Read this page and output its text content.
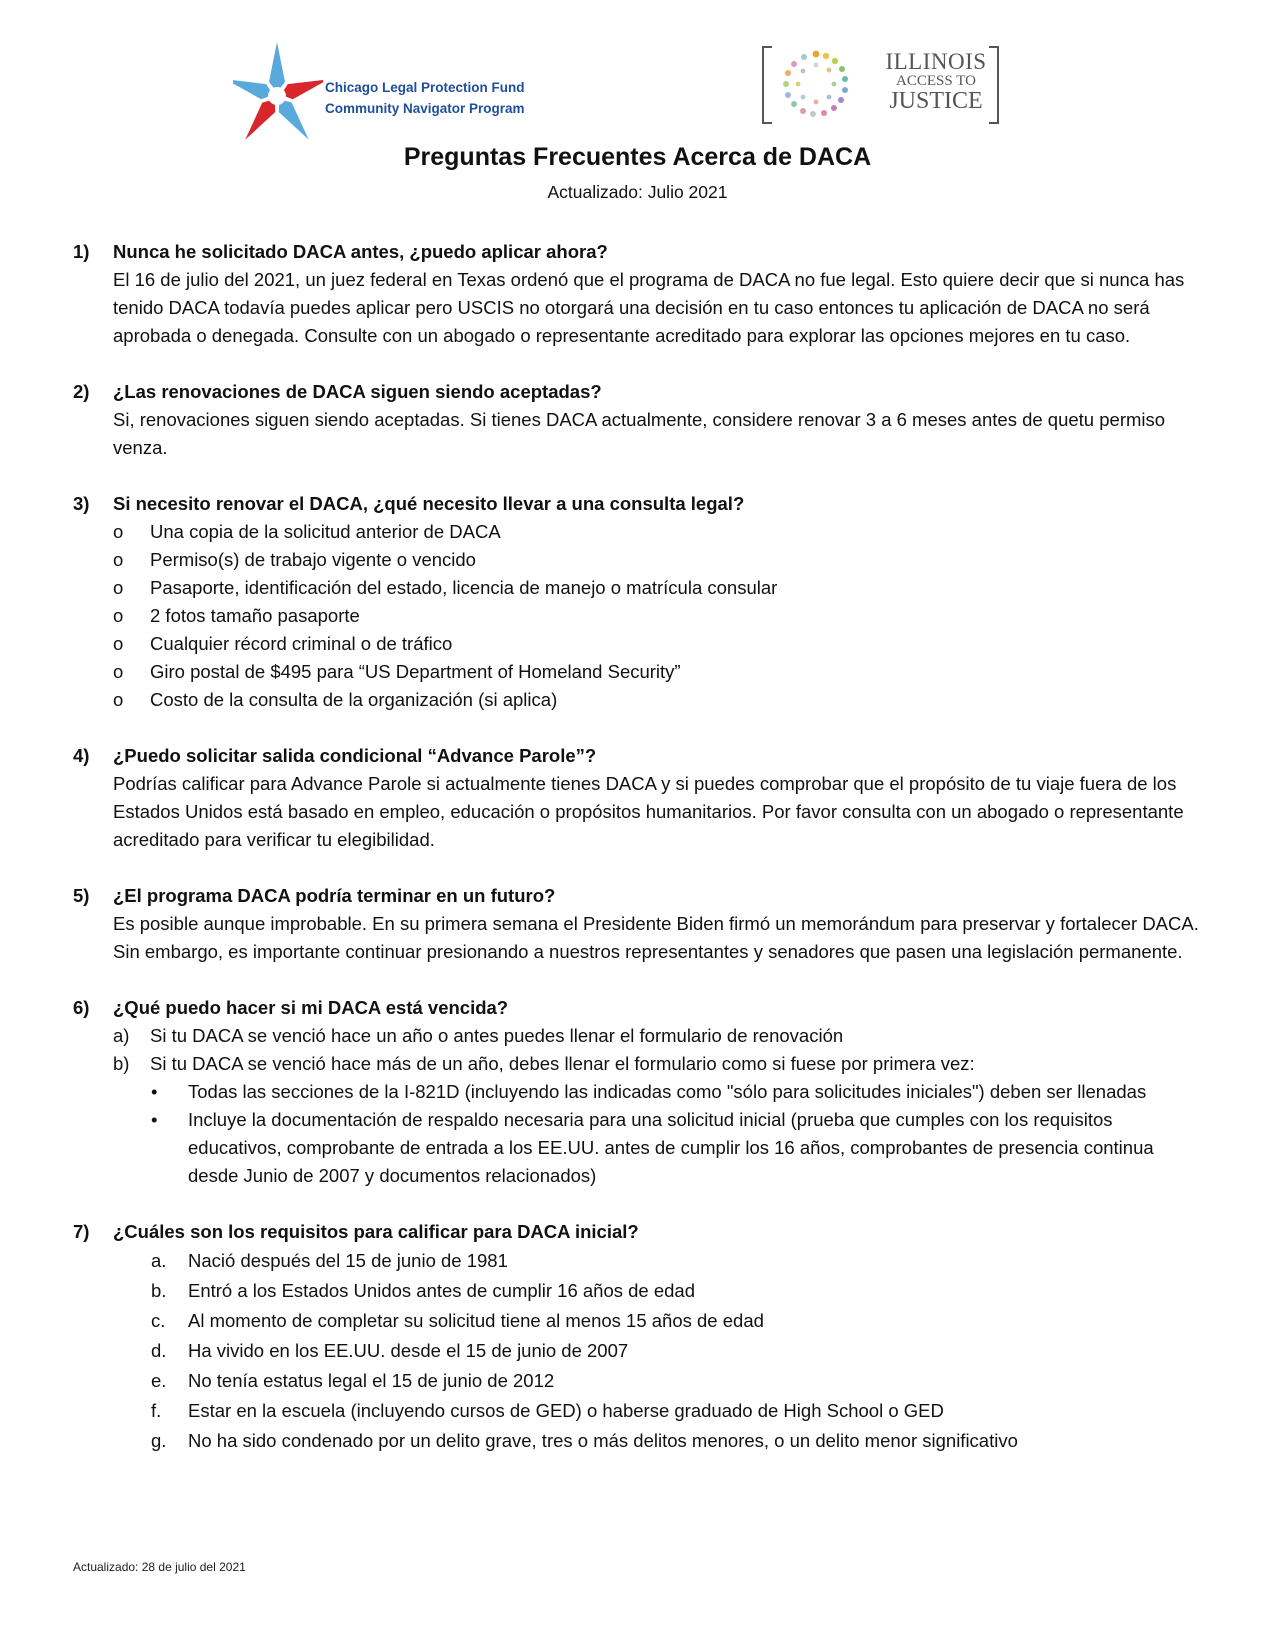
Chicago Legal Protection Fund
Community Navigator Program
ILLINOIS
ACCESS TO
JUSTICE
Preguntas Frecuentes Acerca de DACA
Actualizado: Julio 2021
1) Nunca he solicitado DACA antes, ¿puedo aplicar ahora?
El 16 de julio del 2021, un juez federal en Texas ordenó que el programa de DACA no fue legal. Esto quiere decir que si nunca has tenido DACA todavía puedes aplicar pero USCIS no otorgará una decisión en tu caso entonces tu aplicación de DACA no será aprobada o denegada. Consulte con un abogado o representante acreditado para explorar las opciones mejores en tu caso.
2) ¿Las renovaciones de DACA siguen siendo aceptadas?
Si, renovaciones siguen siendo aceptadas. Si tienes DACA actualmente, considere renovar 3 a 6 meses antes de quetu permiso venza.
3) Si necesito renovar el DACA, ¿qué necesito llevar a una consulta legal?
o Una copia de la solicitud anterior de DACA
o Permiso(s) de trabajo vigente o vencido
o Pasaporte, identificación del estado, licencia de manejo o matrícula consular
o 2 fotos tamaño pasaporte
o Cualquier récord criminal o de tráfico
o Giro postal de $495 para “US Department of Homeland Security”
o Costo de la consulta de la organización (si aplica)
4) ¿Puedo solicitar salida condicional “Advance Parole”?
Podrías calificar para Advance Parole si actualmente tienes DACA y si puedes comprobar que el propósito de tu viaje fuera de los Estados Unidos está basado en empleo, educación o propósitos humanitarios. Por favor consulta con un abogado o representante acreditado para verificar tu elegibilidad.
5) ¿El programa DACA podría terminar en un futuro?
Es posible aunque improbable. En su primera semana el Presidente Biden firmó un memorándum para preservar y fortalecer DACA. Sin embargo, es importante continuar presionando a nuestros representantes y senadores que pasen una legislación permanente.
6) ¿Qué puedo hacer si mi DACA está vencida?
a) Si tu DACA se venció hace un año o antes puedes llenar el formulario de renovación
b) Si tu DACA se venció hace más de un año, debes llenar el formulario como si fuese por primera vez:
• Todas las secciones de la I-821D (incluyendo las indicadas como "sólo para solicitudes iniciales") deben ser llenadas
• Incluye la documentación de respaldo necesaria para una solicitud inicial (prueba que cumples con los requisitos educativos, comprobante de entrada a los EE.UU. antes de cumplir los 16 años, comprobantes de presencia continua desde Junio de 2007 y documentos relacionados)
7) ¿Cuáles son los requisitos para calificar para DACA inicial?
a. Nació después del 15 de junio de 1981
b. Entró a los Estados Unidos antes de cumplir 16 años de edad
c. Al momento de completar su solicitud tiene al menos 15 años de edad
d. Ha vivido en los EE.UU. desde el 15 de junio de 2007
e. No tenía estatus legal el 15 de junio de 2012
f. Estar en la escuela (incluyendo cursos de GED) o haberse graduado de High School o GED
g. No ha sido condenado por un delito grave, tres o más delitos menores, o un delito menor significativo
Actualizado: 28 de julio del 2021
